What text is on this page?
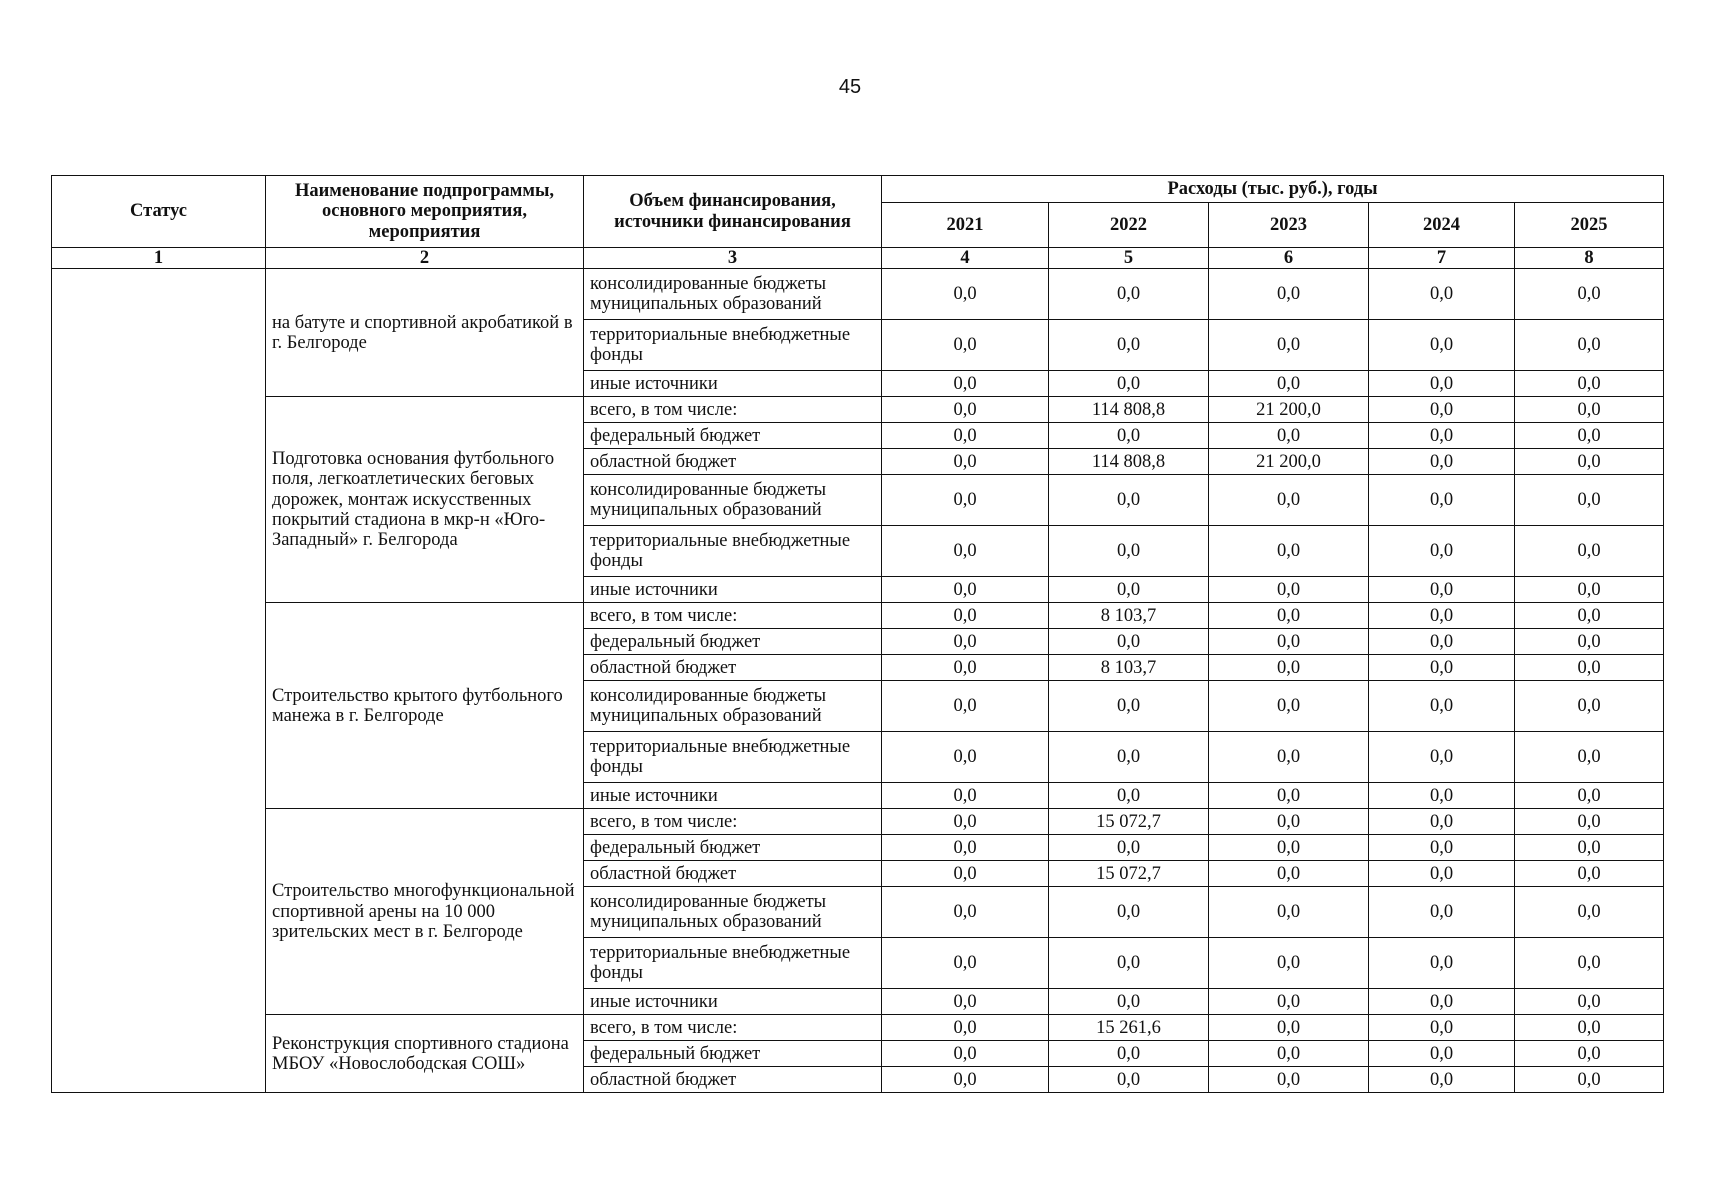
45
Статус	Наименование подпрограммы, основного мероприятия, мероприятия	Объем финансирования, источники финансирования	Расходы (тыс. руб.), годы				
			2021	2022	2023	2024	2025
1	2	3	4	5	6	7	8
	на батуте и спортивной акробатикой в г. Белгороде	консолидированные бюджеты муниципальных образований	0,0	0,0	0,0	0,0	0,0
		территориальные внебюджетные фонды	0,0	0,0	0,0	0,0	0,0
		иные источники	0,0	0,0	0,0	0,0	0,0
	Подготовка основания футбольного поля, легкоатлетических беговых дорожек, монтаж искусственных покрытий стадиона в мкр-н «Юго-Западный» г. Белгорода	всего, в том числе:	0,0	114 808,8	21 200,0	0,0	0,0
		федеральный бюджет	0,0	0,0	0,0	0,0	0,0
		областной бюджет	0,0	114 808,8	21 200,0	0,0	0,0
		консолидированные бюджеты муниципальных образований	0,0	0,0	0,0	0,0	0,0
		территориальные внебюджетные фонды	0,0	0,0	0,0	0,0	0,0
		иные источники	0,0	0,0	0,0	0,0	0,0
	Строительство крытого футбольного манежа в г. Белгороде	всего, в том числе:	0,0	8 103,7	0,0	0,0	0,0
		федеральный бюджет	0,0	0,0	0,0	0,0	0,0
		областной бюджет	0,0	8 103,7	0,0	0,0	0,0
		консолидированные бюджеты муниципальных образований	0,0	0,0	0,0	0,0	0,0
		территориальные внебюджетные фонды	0,0	0,0	0,0	0,0	0,0
		иные источники	0,0	0,0	0,0	0,0	0,0
	Строительство многофункциональной спортивной арены на 10 000 зрительских мест в г. Белгороде	всего, в том числе:	0,0	15 072,7	0,0	0,0	0,0
		федеральный бюджет	0,0	0,0	0,0	0,0	0,0
		областной бюджет	0,0	15 072,7	0,0	0,0	0,0
		консолидированные бюджеты муниципальных образований	0,0	0,0	0,0	0,0	0,0
		территориальные внебюджетные фонды	0,0	0,0	0,0	0,0	0,0
		иные источники	0,0	0,0	0,0	0,0	0,0
	Реконструкция спортивного стадиона МБОУ «Новослободская СОШ»	всего, в том числе:	0,0	15 261,6	0,0	0,0	0,0
		федеральный бюджет	0,0	0,0	0,0	0,0	0,0
		областной бюджет	0,0	0,0	0,0	0,0	0,0
